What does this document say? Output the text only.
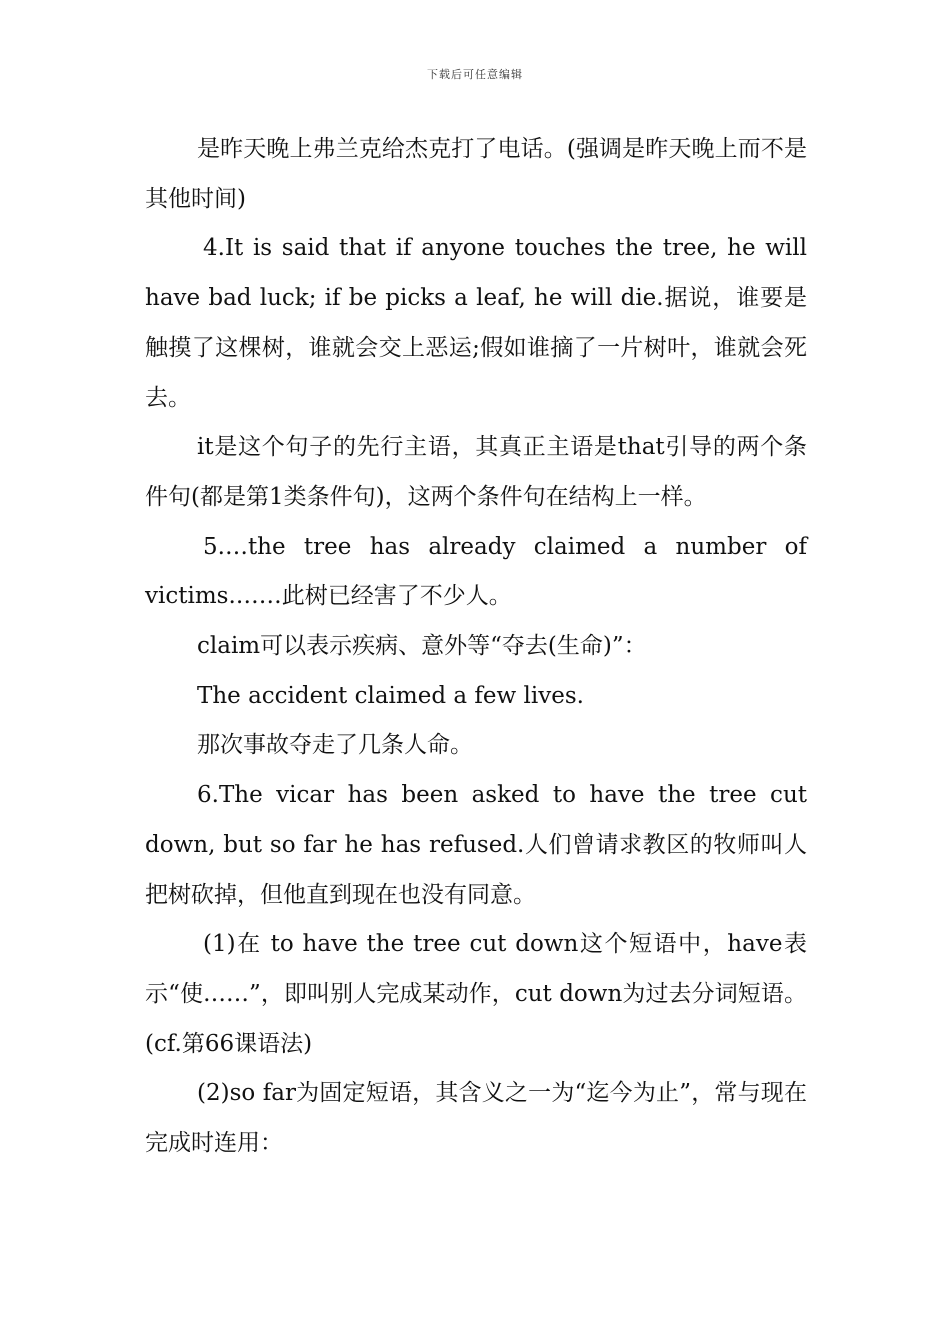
下载后可任意编辑

是昨天晚上弗兰克给杰克打了电话。(强调是昨天晚上而不是其他时间)

4.It is said that if anyone touches the tree, he will have bad luck; if be picks a leaf, he will die.据说，谁要是触摸了这棵树，谁就会交上恶运;假如谁摘了一片树叶，谁就会死去。

it是这个句子的先行主语，其真正主语是that引导的两个条件句(都是第1类条件句)，这两个条件句在结构上一样。

5.…the tree has already claimed a number of victims.……此树已经害了不少人。

claim可以表示疾病、意外等“夺去(生命)”：

The accident claimed a few lives.

那次事故夺走了几条人命。

6.The vicar has been asked to have the tree cut down, but so far he has refused.人们曾请求教区的牧师叫人把树砍掉，但他直到现在也没有同意。

(1)在 to have the tree cut down这个短语中，have表示“使……”，即叫别人完成某动作，cut down为过去分词短语。(cf.第66课语法)

(2)so far为固定短语，其含义之一为“迄今为止”，常与现在完成时连用：
